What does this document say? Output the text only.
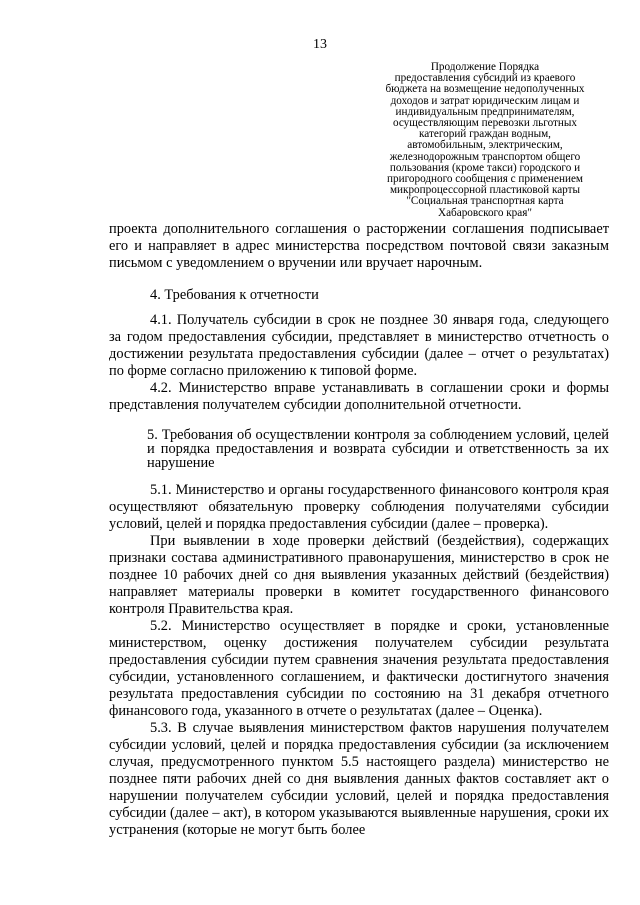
13
Продолжение Порядка
предоставления субсидий из краевого
бюджета на возмещение недополученных
доходов и затрат юридическим лицам и
индивидуальным предпринимателям,
осуществляющим перевозки льготных
категорий граждан водным,
автомобильным, электрическим,
железнодорожным транспортом общего
пользования (кроме такси) городского и
пригородного сообщения с применением
микропроцессорной пластиковой карты
"Социальная транспортная карта
Хабаровского края"

проекта дополнительного соглашения о расторжении соглашения подписывает его и направляет в адрес министерства посредством почтовой связи заказным письмом с уведомлением о вручении или вручает нарочным.

4. Требования к отчетности

4.1. Получатель субсидии в срок не позднее 30 января года, следующего за годом предоставления субсидии, представляет в министерство отчетность о достижении результата предоставления субсидии (далее – отчет о результатах) по форме согласно приложению к типовой форме.

4.2. Министерство вправе устанавливать в соглашении сроки и формы представления получателем субсидии дополнительной отчетности.

5. Требования об осуществлении контроля за соблюдением условий, целей и порядка предоставления и возврата субсидии и ответственность за их нарушение

5.1. Министерство и органы государственного финансового контроля края осуществляют обязательную проверку соблюдения получателями субсидии условий, целей и порядка предоставления субсидии (далее – проверка).

При выявлении в ходе проверки действий (бездействия), содержащих признаки состава административного правонарушения, министерство в срок не позднее 10 рабочих дней со дня выявления указанных действий (бездействия) направляет материалы проверки в комитет государственного финансового контроля Правительства края.

5.2. Министерство осуществляет в порядке и сроки, установленные министерством, оценку достижения получателем субсидии результата предоставления субсидии путем сравнения значения результата предоставления субсидии, установленного соглашением, и фактически достигнутого значения результата предоставления субсидии по состоянию на 31 декабря отчетного финансового года, указанного в отчете о результатах (далее – Оценка).

5.3. В случае выявления министерством фактов нарушения получателем субсидии условий, целей и порядка предоставления субсидии (за исключением случая, предусмотренного пунктом 5.5 настоящего раздела) министерство не позднее пяти рабочих дней со дня выявления данных фактов составляет акт о нарушении получателем субсидии условий, целей и порядка предоставления субсидии (далее – акт), в котором указываются выявленные нарушения, сроки их устранения (которые не могут быть более
